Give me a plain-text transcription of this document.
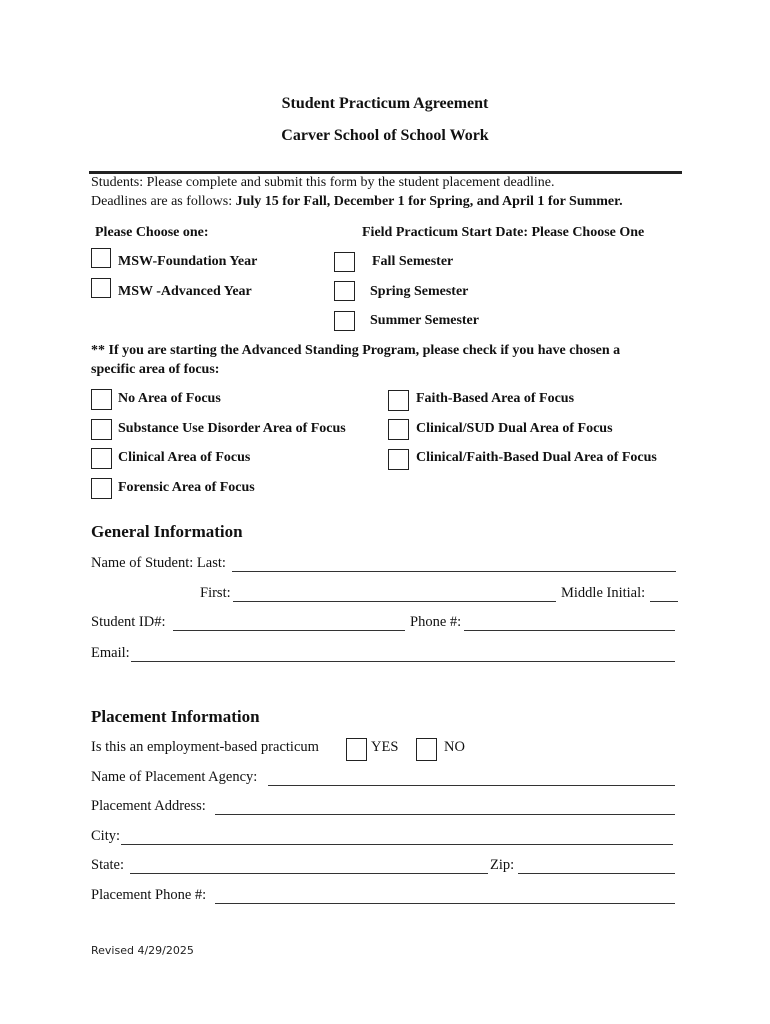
Student Practicum Agreement
Carver School of School Work
Students: Please complete and submit this form by the student placement deadline.
Deadlines are as follows: July 15 for Fall, December 1 for Spring, and April 1 for Summer.
Please Choose one:
MSW-Foundation Year
MSW -Advanced Year
Field Practicum Start Date: Please Choose One
Fall Semester
Spring Semester
Summer Semester
** If you are starting the Advanced Standing Program, please check if you have chosen a
specific area of focus:
No Area of Focus
Substance Use Disorder Area of Focus
Clinical Area of Focus
Forensic Area of Focus
Faith-Based Area of Focus
Clinical/SUD Dual Area of Focus
Clinical/Faith-Based Dual Area of Focus
General Information
Name of Student: Last:
First:	Middle Initial:
Student ID#:	Phone #:
Email:
Placement Information
Is this an employment-based practicum	YES	NO
Name of Placement Agency:
Placement Address:
City:
State:	Zip:
Placement Phone #:
Revised 4/29/2025
